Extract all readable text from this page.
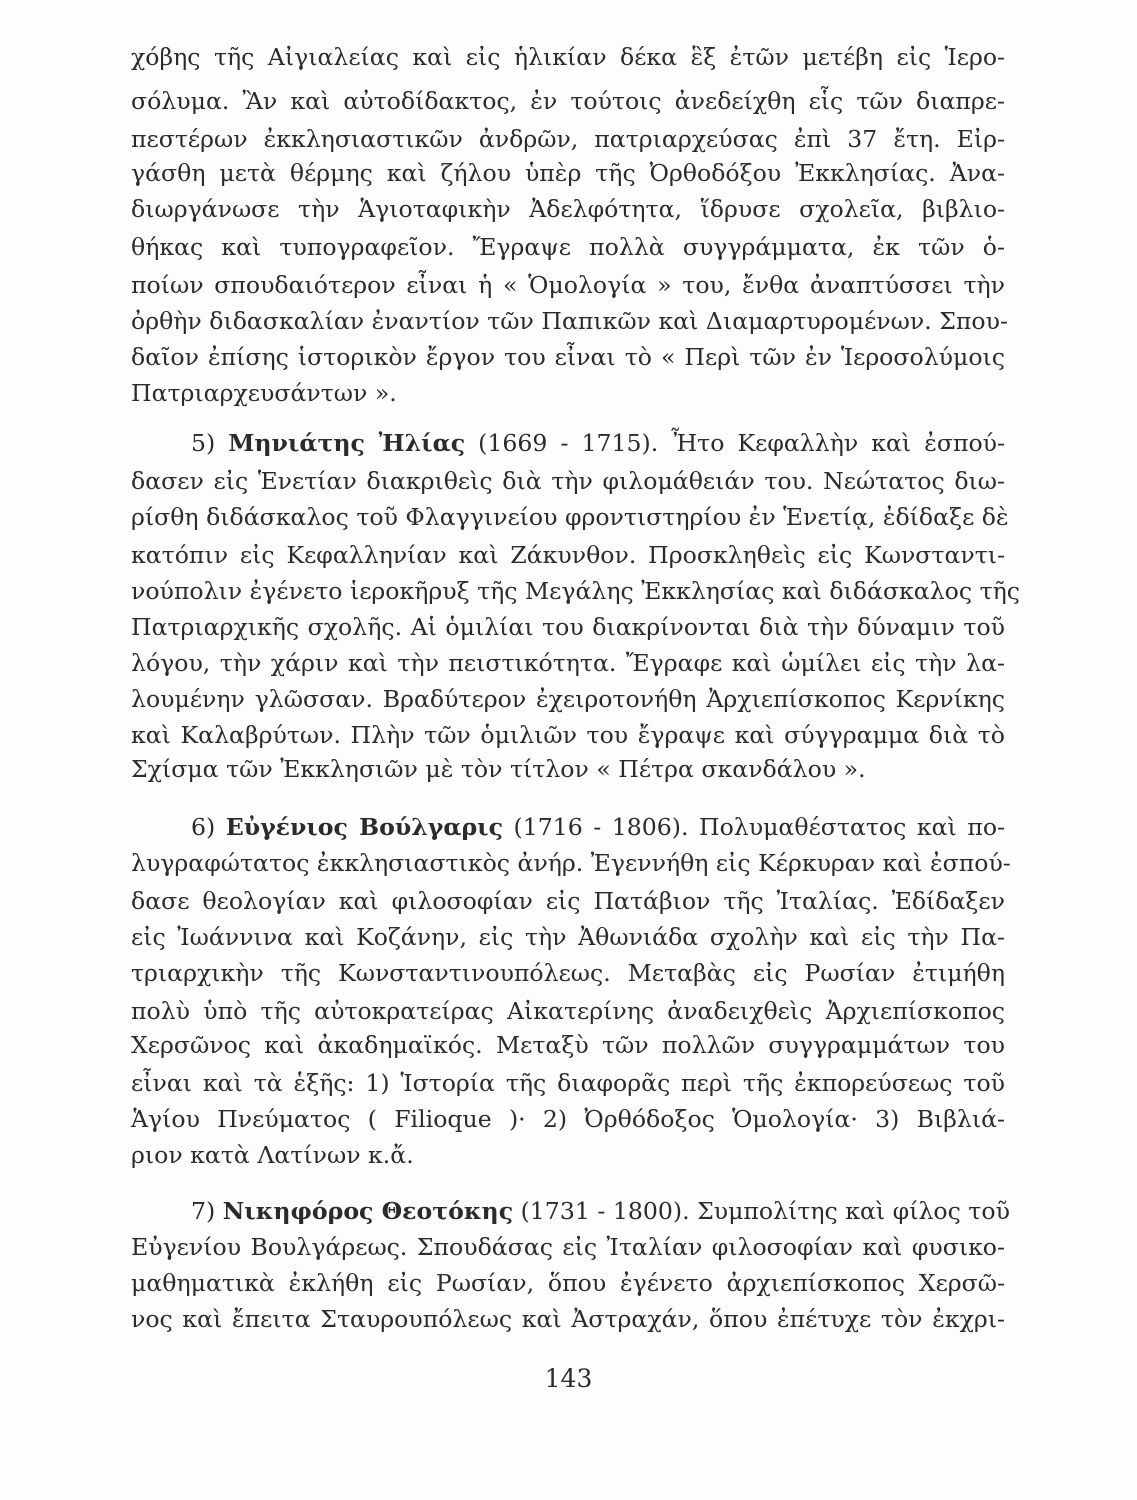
χόβης τῆς Αἰγιαλείας καὶ εἰς ἡλικίαν δέκα ἓξ ἐτῶν μετέβη εἰς Ἱερο-
σόλυμα. Ἂν καὶ αὐτοδίδακτος, ἐν τούτοις ἀνεδείχθη εἷς τῶν διαπρε-
πεστέρων ἐκκλησιαστικῶν ἀνδρῶν, πατριαρχεύσας ἐπὶ 37 ἔτη. Εἰρ-
γάσθη μετὰ θέρμης καὶ ζήλου ὑπὲρ τῆς Ὀρθοδόξου Ἐκκλησίας. Ἀνα-
διωργάνωσε τὴν Ἁγιοταφικὴν Ἀδελφότητα, ἵδρυσε σχολεῖα, βιβλιο-
θήκας καὶ τυπογραφεῖον. Ἔγραψε πολλὰ συγγράμματα, ἐκ τῶν ὁ-
ποίων σπουδαιότερον εἶναι ἡ « Ὁμολογία » του, ἔνθα ἀναπτύσσει τὴν
ὀρθὴν διδασκαλίαν ἐναντίον τῶν Παπικῶν καὶ Διαμαρτυρομένων. Σπου-
δαῖον ἐπίσης ἱστορικὸν ἔργον του εἶναι τὸ « Περὶ τῶν ἐν Ἱεροσολύμοις
Πατριαρχευσάντων ».
5) Μηνιάτης Ἠλίας (1669 - 1715). Ἦτο Κεφαλλὴν καὶ ἐσπού-
δασεν εἰς Ἑνετίαν διακριθεὶς διὰ τὴν φιλομάθειάν του. Νεώτατος διω-
ρίσθη διδάσκαλος τοῦ Φλαγγινείου φροντιστηρίου ἐν Ἑνετίᾳ, ἐδίδαξε δὲ
κατόπιν εἰς Κεφαλληνίαν καὶ Ζάκυνθον. Προσκληθεὶς εἰς Κωνσταντι-
νούπολιν ἐγένετο ἱεροκῆρυξ τῆς Μεγάλης Ἐκκλησίας καὶ διδάσκαλος τῆς
Πατριαρχικῆς σχολῆς. Αἱ ὁμιλίαι του διακρίνονται διὰ τὴν δύναμιν τοῦ
λόγου, τὴν χάριν καὶ τὴν πειστικότητα. Ἔγραφε καὶ ὡμίλει εἰς τὴν λα-
λουμένην γλῶσσαν. Βραδύτερον ἐχειροτονήθη Ἀρχιεπίσκοπος Κερνίκης
καὶ Καλαβρύτων. Πλὴν τῶν ὁμιλιῶν του ἔγραψε καὶ σύγγραμμα διὰ τὸ
Σχίσμα τῶν Ἐκκλησιῶν μὲ τὸν τίτλον « Πέτρα σκανδάλου ».
6) Εὐγένιος Βούλγαρις (1716 - 1806). Πολυμαθέστατος καὶ πο-
λυγραφώτατος ἐκκλησιαστικὸς ἀνήρ. Ἐγεννήθη εἰς Κέρκυραν καὶ ἐσπού-
δασε θεολογίαν καὶ φιλοσοφίαν εἰς Πατάβιον τῆς Ἰταλίας. Ἐδίδαξεν
εἰς Ἰωάννινα καὶ Κοζάνην, εἰς τὴν Ἀθωνιάδα σχολὴν καὶ εἰς τὴν Πα-
τριαρχικὴν τῆς Κωνσταντινουπόλεως. Μεταβὰς εἰς Ρωσίαν ἐτιμήθη
πολὺ ὑπὸ τῆς αὐτοκρατείρας Αἰκατερίνης ἀναδειχθεὶς Ἀρχιεπίσκοπος
Χερσῶνος καὶ ἀκαδημαϊκός. Μεταξὺ τῶν πολλῶν συγγραμμάτων του
εἶναι καὶ τὰ ἑξῆς: 1) Ἱστορία τῆς διαφορᾶς περὶ τῆς ἐκπορεύσεως τοῦ
Ἁγίου Πνεύματος ( Filioque )· 2) Ὀρθόδοξος Ὁμολογία· 3) Βιβλιά-
ριον κατὰ Λατίνων κ.ἄ.
7) Νικηφόρος Θεοτόκης (1731 - 1800). Συμπολίτης καὶ φίλος τοῦ
Εὐγενίου Βουλγάρεως. Σπουδάσας εἰς Ἰταλίαν φιλοσοφίαν καὶ φυσικο-
μαθηματικὰ ἐκλήθη εἰς Ρωσίαν, ὅπου ἐγένετο ἀρχιεπίσκοπος Χερσῶ-
νος καὶ ἔπειτα Σταυρουπόλεως καὶ Ἀστραχάν, ὅπου ἐπέτυχε τὸν ἐκχρι-
143
